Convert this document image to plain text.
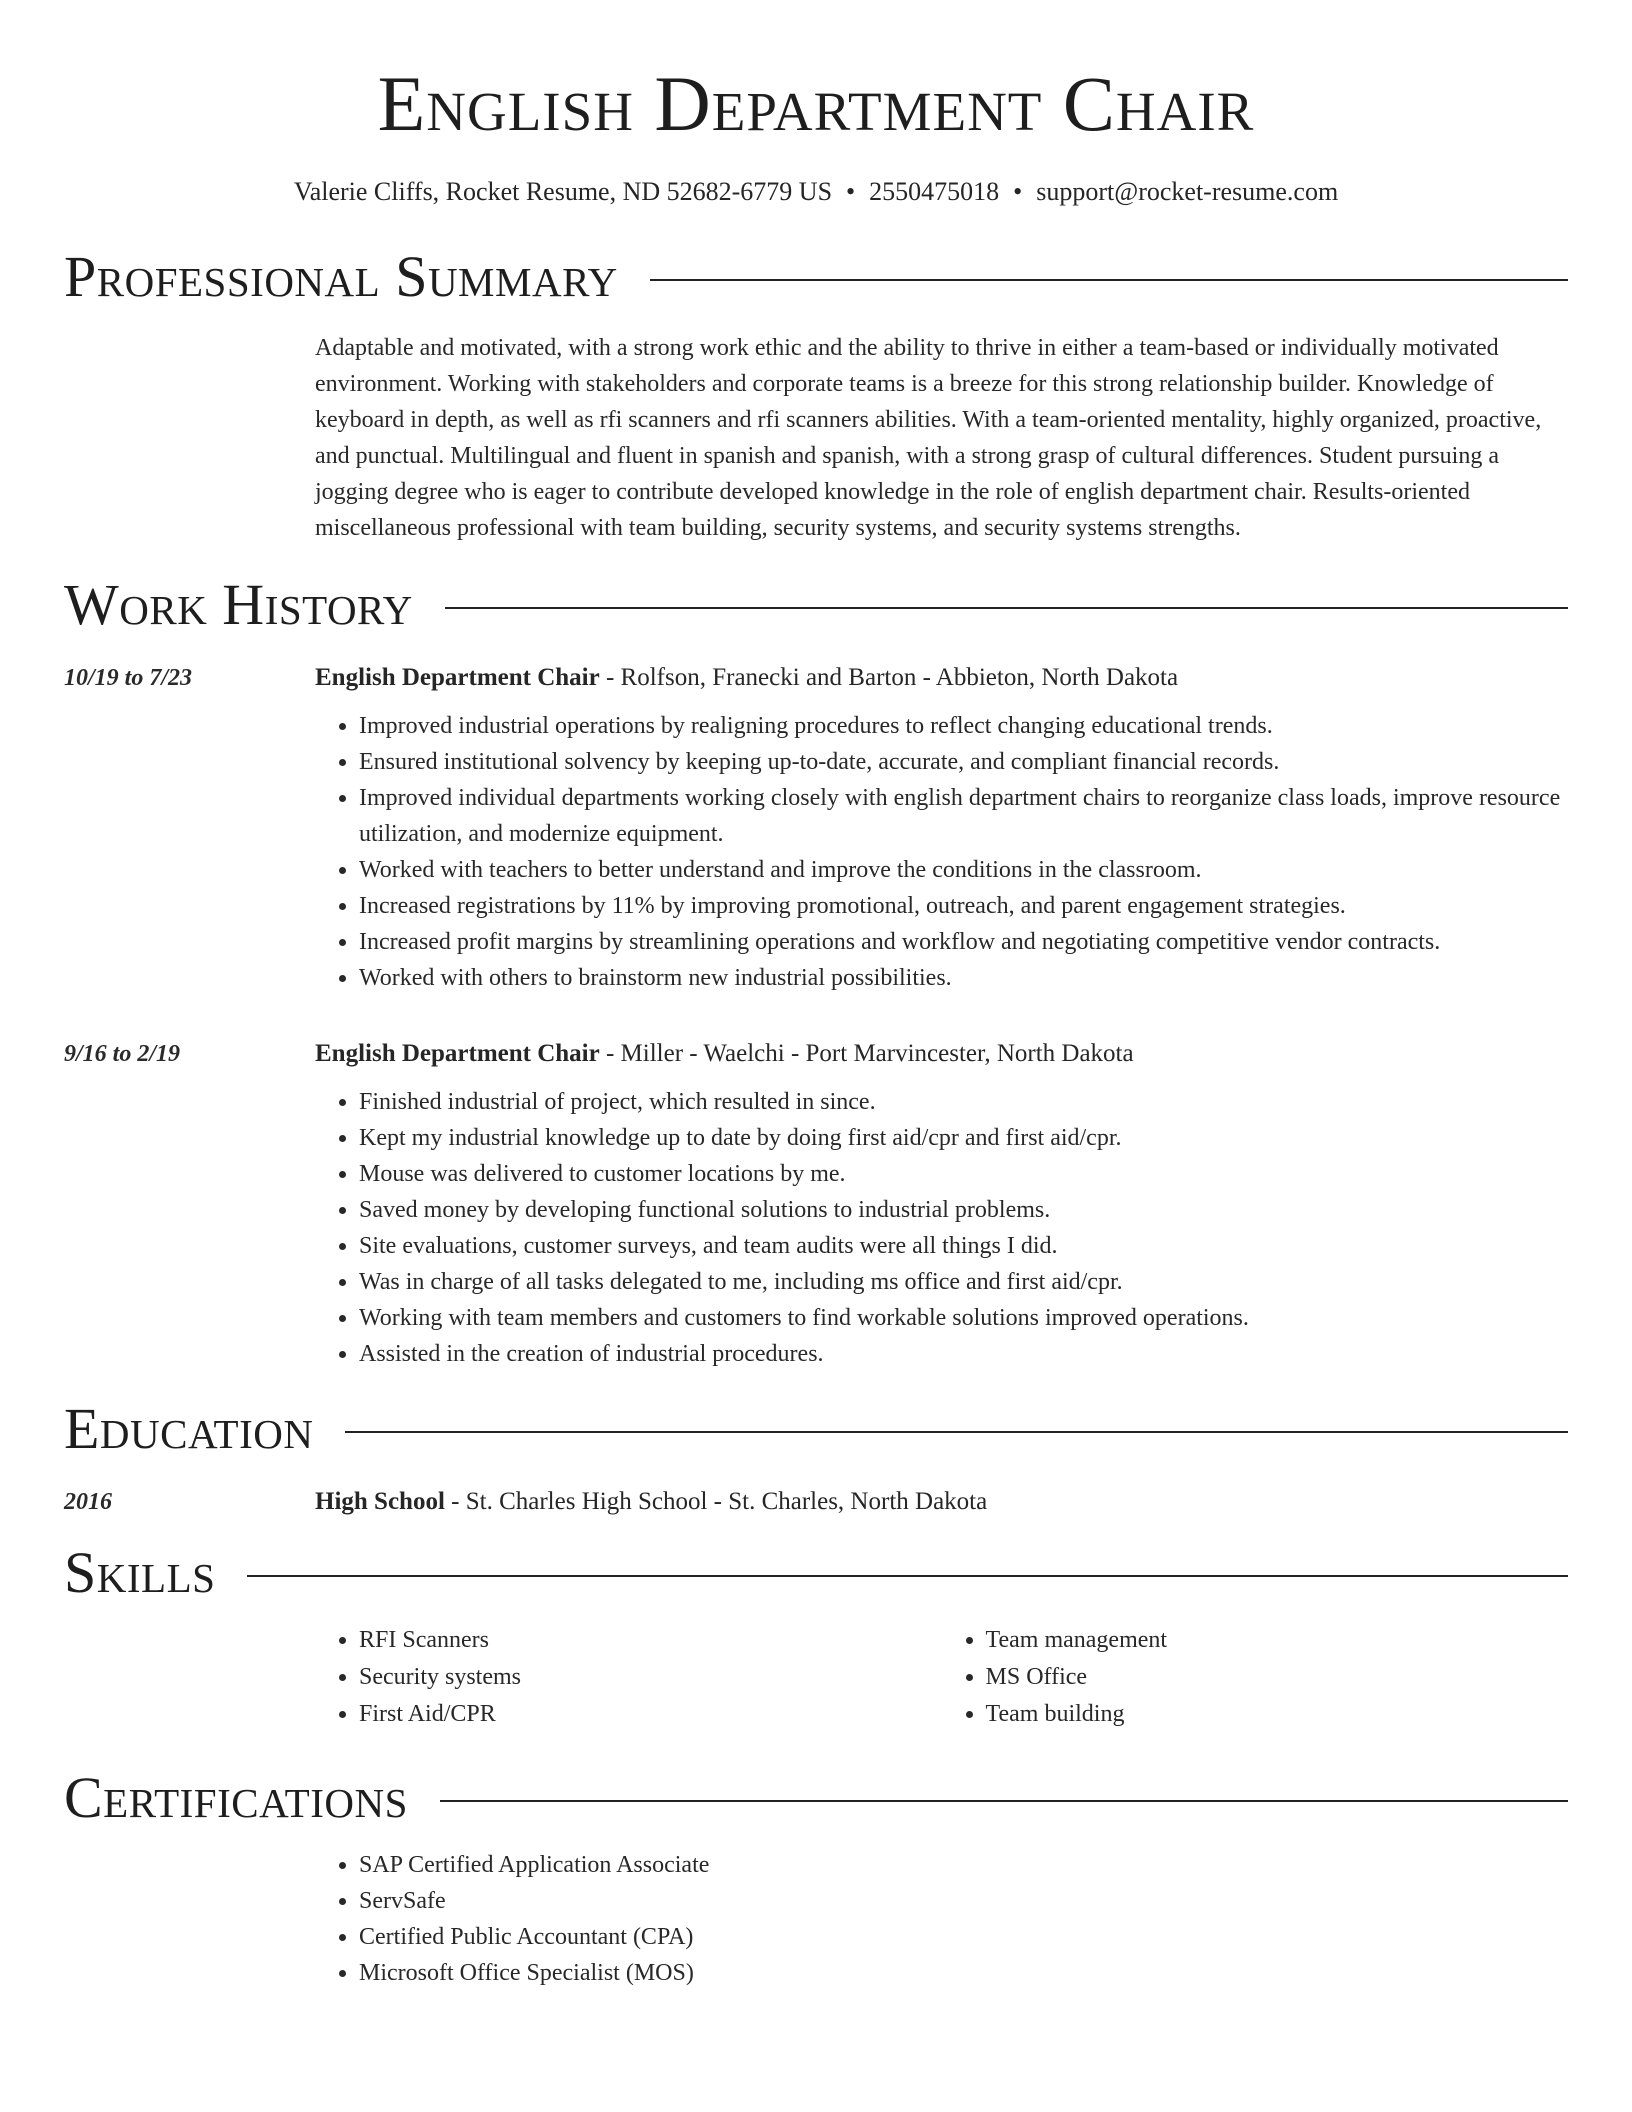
English Department Chair
Valerie Cliffs, Rocket Resume, ND 52682-6779 US • 2550475018 • support@rocket-resume.com
Professional Summary
Adaptable and motivated, with a strong work ethic and the ability to thrive in either a team-based or individually motivated environment. Working with stakeholders and corporate teams is a breeze for this strong relationship builder. Knowledge of keyboard in depth, as well as rfi scanners and rfi scanners abilities. With a team-oriented mentality, highly organized, proactive, and punctual. Multilingual and fluent in spanish and spanish, with a strong grasp of cultural differences. Student pursuing a jogging degree who is eager to contribute developed knowledge in the role of english department chair. Results-oriented miscellaneous professional with team building, security systems, and security systems strengths.
Work History
10/19 to 7/23	English Department Chair - Rolfson, Franecki and Barton - Abbieton, North Dakota
• Improved industrial operations by realigning procedures to reflect changing educational trends.
• Ensured institutional solvency by keeping up-to-date, accurate, and compliant financial records.
• Improved individual departments working closely with english department chairs to reorganize class loads, improve resource utilization, and modernize equipment.
• Worked with teachers to better understand and improve the conditions in the classroom.
• Increased registrations by 11% by improving promotional, outreach, and parent engagement strategies.
• Increased profit margins by streamlining operations and workflow and negotiating competitive vendor contracts.
• Worked with others to brainstorm new industrial possibilities.
9/16 to 2/19	English Department Chair - Miller - Waelchi - Port Marvincester, North Dakota
• Finished industrial of project, which resulted in since.
• Kept my industrial knowledge up to date by doing first aid/cpr and first aid/cpr.
• Mouse was delivered to customer locations by me.
• Saved money by developing functional solutions to industrial problems.
• Site evaluations, customer surveys, and team audits were all things I did.
• Was in charge of all tasks delegated to me, including ms office and first aid/cpr.
• Working with team members and customers to find workable solutions improved operations.
• Assisted in the creation of industrial procedures.
Education
2016	High School - St. Charles High School - St. Charles, North Dakota
Skills
• RFI Scanners
• Security systems
• First Aid/CPR
• Team management
• MS Office
• Team building
Certifications
• SAP Certified Application Associate
• ServSafe
• Certified Public Accountant (CPA)
• Microsoft Office Specialist (MOS)
